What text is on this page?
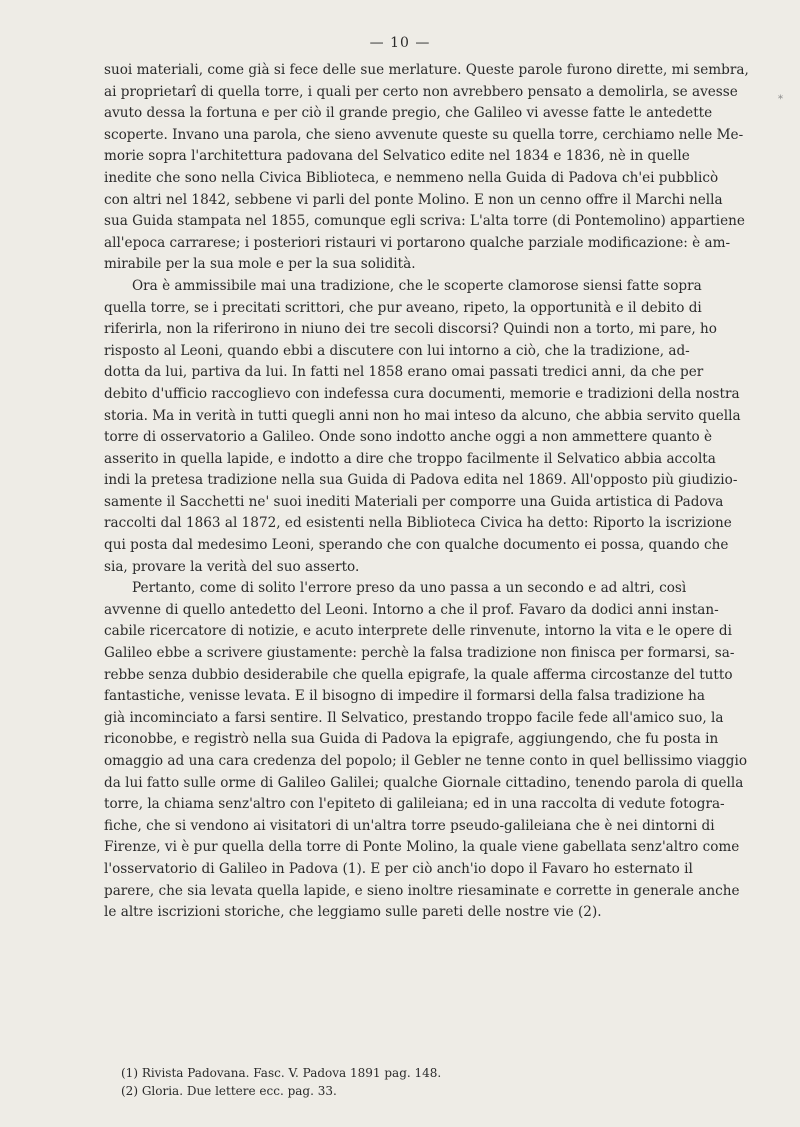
— 10 —
*
suoi materiali, come già si fece delle sue merlature. Queste parole furono dirette, mi sembra,
ai proprietarî di quella torre, i quali per certo non avrebbero pensato a demolirla, se avesse
avuto dessa la fortuna e per ciò il grande pregio, che Galileo vi avesse fatte le antedette
scoperte. Invano una parola, che sieno avvenute queste su quella torre, cerchiamo nelle Me-
morie sopra l'architettura padovana del Selvatico edite nel 1834 e 1836, nè in quelle
inedite che sono nella Civica Biblioteca, e nemmeno nella Guida di Padova ch'ei pubblicò
con altri nel 1842, sebbene vi parli del ponte Molino. E non un cenno offre il Marchi nella
sua Guida stampata nel 1855, comunque egli scriva: L'alta torre (di Pontemolino) appartiene
all'epoca carrarese; i posteriori ristauri vi portarono qualche parziale modificazione: è am-
mirabile per la sua mole e per la sua solidità.
Ora è ammissibile mai una tradizione, che le scoperte clamorose siensi fatte sopra
quella torre, se i precitati scrittori, che pur aveano, ripeto, la opportunità e il debito di
riferirla, non la riferirono in niuno dei tre secoli discorsi? Quindi non a torto, mi pare, ho
risposto al Leoni, quando ebbi a discutere con lui intorno a ciò, che la tradizione, ad-
dotta da lui, partiva da lui. In fatti nel 1858 erano omai passati tredici anni, da che per
debito d'ufficio raccoglievo con indefessa cura documenti, memorie e tradizioni della nostra
storia. Ma in verità in tutti quegli anni non ho mai inteso da alcuno, che abbia servito quella
torre di osservatorio a Galileo. Onde sono indotto anche oggi a non ammettere quanto è
asserito in quella lapide, e indotto a dire che troppo facilmente il Selvatico abbia accolta
indi la pretesa tradizione nella sua Guida di Padova edita nel 1869. All'opposto più giudizio-
samente il Sacchetti ne' suoi inediti Materiali per comporre una Guida artistica di Padova
raccolti dal 1863 al 1872, ed esistenti nella Biblioteca Civica ha detto: Riporto la iscrizione
qui posta dal medesimo Leoni, sperando che con qualche documento ei possa, quando che
sia, provare la verità del suo asserto.
Pertanto, come di solito l'errore preso da uno passa a un secondo e ad altri, così
avvenne di quello antedetto del Leoni. Intorno a che il prof. Favaro da dodici anni instan-
cabile ricercatore di notizie, e acuto interprete delle rinvenute, intorno la vita e le opere di
Galileo ebbe a scrivere giustamente: perchè la falsa tradizione non finisca per formarsi, sa-
rebbe senza dubbio desiderabile che quella epigrafe, la quale afferma circostanze del tutto
fantastiche, venisse levata. E il bisogno di impedire il formarsi della falsa tradizione ha
già incominciato a farsi sentire. Il Selvatico, prestando troppo facile fede all'amico suo, la
riconobbe, e registrò nella sua Guida di Padova la epigrafe, aggiungendo, che fu posta in
omaggio ad una cara credenza del popolo; il Gebler ne tenne conto in quel bellissimo viaggio
da lui fatto sulle orme di Galileo Galilei; qualche Giornale cittadino, tenendo parola di quella
torre, la chiama senz'altro con l'epiteto di galileiana; ed in una raccolta di vedute fotogra-
fiche, che si vendono ai visitatori di un'altra torre pseudo-galileiana che è nei dintorni di
Firenze, vi è pur quella della torre di Ponte Molino, la quale viene gabellata senz'altro come
l'osservatorio di Galileo in Padova (1). E per ciò anch'io dopo il Favaro ho esternato il
parere, che sia levata quella lapide, e sieno inoltre riesaminate e corrette in generale anche
le altre iscrizioni storiche, che leggiamo sulle pareti delle nostre vie (2).
(1) Rivista Padovana. Fasc. V. Padova 1891 pag. 148.
(2) Gloria. Due lettere ecc. pag. 33.
